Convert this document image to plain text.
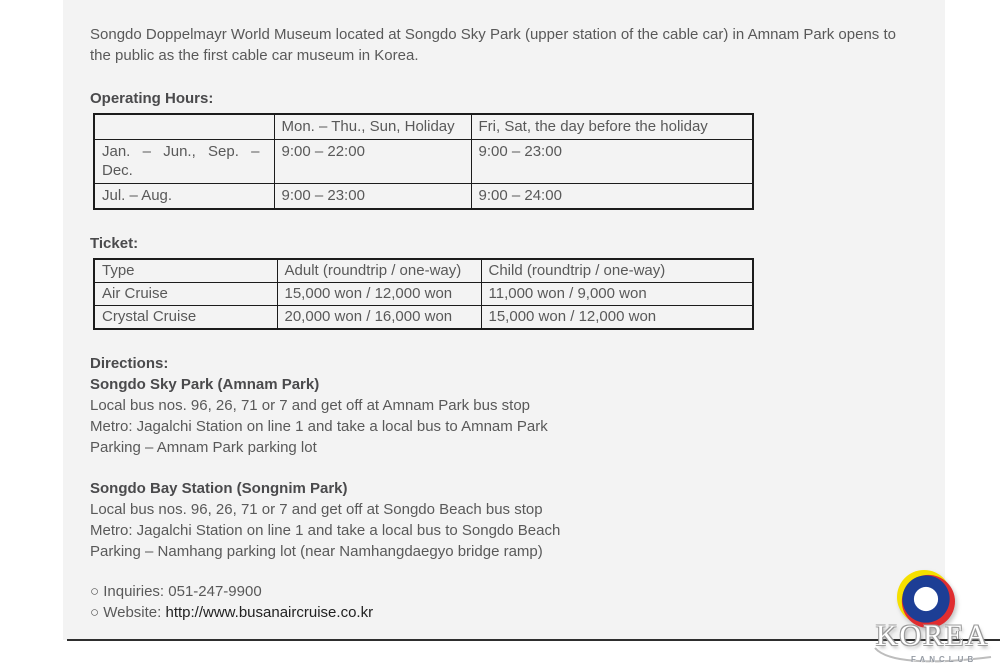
Songdo Doppelmayr World Museum located at Songdo Sky Park (upper station of the cable car) in Amnam Park opens to the public as the first cable car museum in Korea.

Operating Hours:
	Mon. – Thu., Sun, Holiday	Fri, Sat, the day before the holiday
Jan. – Jun., Sep. – Dec.	9:00 – 22:00	9:00 – 23:00
Jul. – Aug.	9:00 – 23:00	9:00 – 24:00
Ticket:
Type	Adult (roundtrip / one-way)	Child (roundtrip / one-way)
Air Cruise	15,000 won / 12,000 won	11,000 won / 9,000 won
Crystal Cruise	20,000 won / 16,000 won	15,000 won / 12,000 won
Directions:
Songdo Sky Park (Amnam Park)
Local bus nos. 96, 26, 71 or 7 and get off at Amnam Park bus stop
Metro: Jagalchi Station on line 1 and take a local bus to Amnam Park
Parking – Amnam Park parking lot
Songdo Bay Station (Songnim Park)
Local bus nos. 96, 26, 71 or 7 and get off at Songdo Beach bus stop
Metro: Jagalchi Station on line 1 and take a local bus to Songdo Beach
Parking – Namhang parking lot (near Namhangdaegyo bridge ramp)
○ Inquiries: 051-247-9900
○ Website: http://www.busanaircruise.co.kr
KOREA
FANCLUB
